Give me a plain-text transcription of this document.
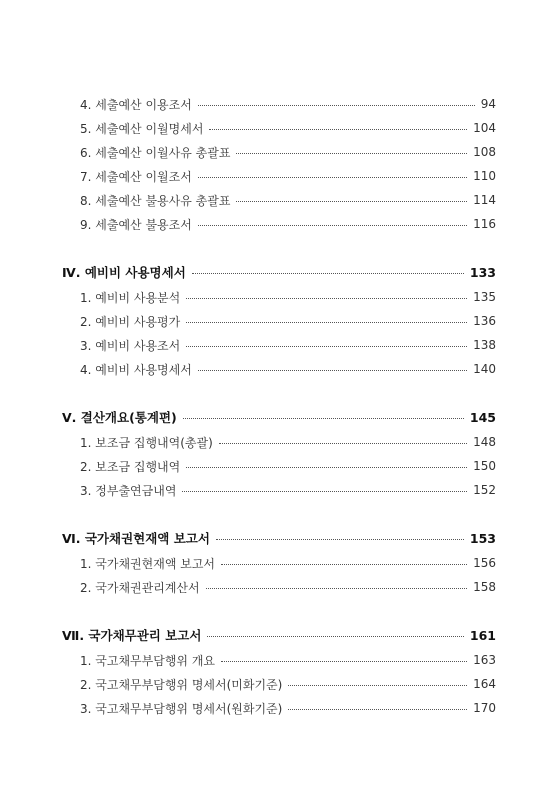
4. 세출예산 이용조서	94
5. 세출예산 이월명세서	104
6. 세출예산 이월사유 총괄표	108
7. 세출예산 이월조서	110
8. 세출예산 불용사유 총괄표	114
9. 세출예산 불용조서	116
Ⅳ. 예비비 사용명세서	133
1. 예비비 사용분석	135
2. 예비비 사용평가	136
3. 예비비 사용조서	138
4. 예비비 사용명세서	140
Ⅴ. 결산개요(통계편)	145
1. 보조금 집행내역(총괄)	148
2. 보조금 집행내역	150
3. 정부출연금내역	152
Ⅵ. 국가채권현재액 보고서	153
1. 국가채권현재액 보고서	156
2. 국가채권관리계산서	158
Ⅶ. 국가채무관리 보고서	161
1. 국고채무부담행위 개요	163
2. 국고채무부담행위 명세서(미화기준)	164
3. 국고채무부담행위 명세서(원화기준)	170
